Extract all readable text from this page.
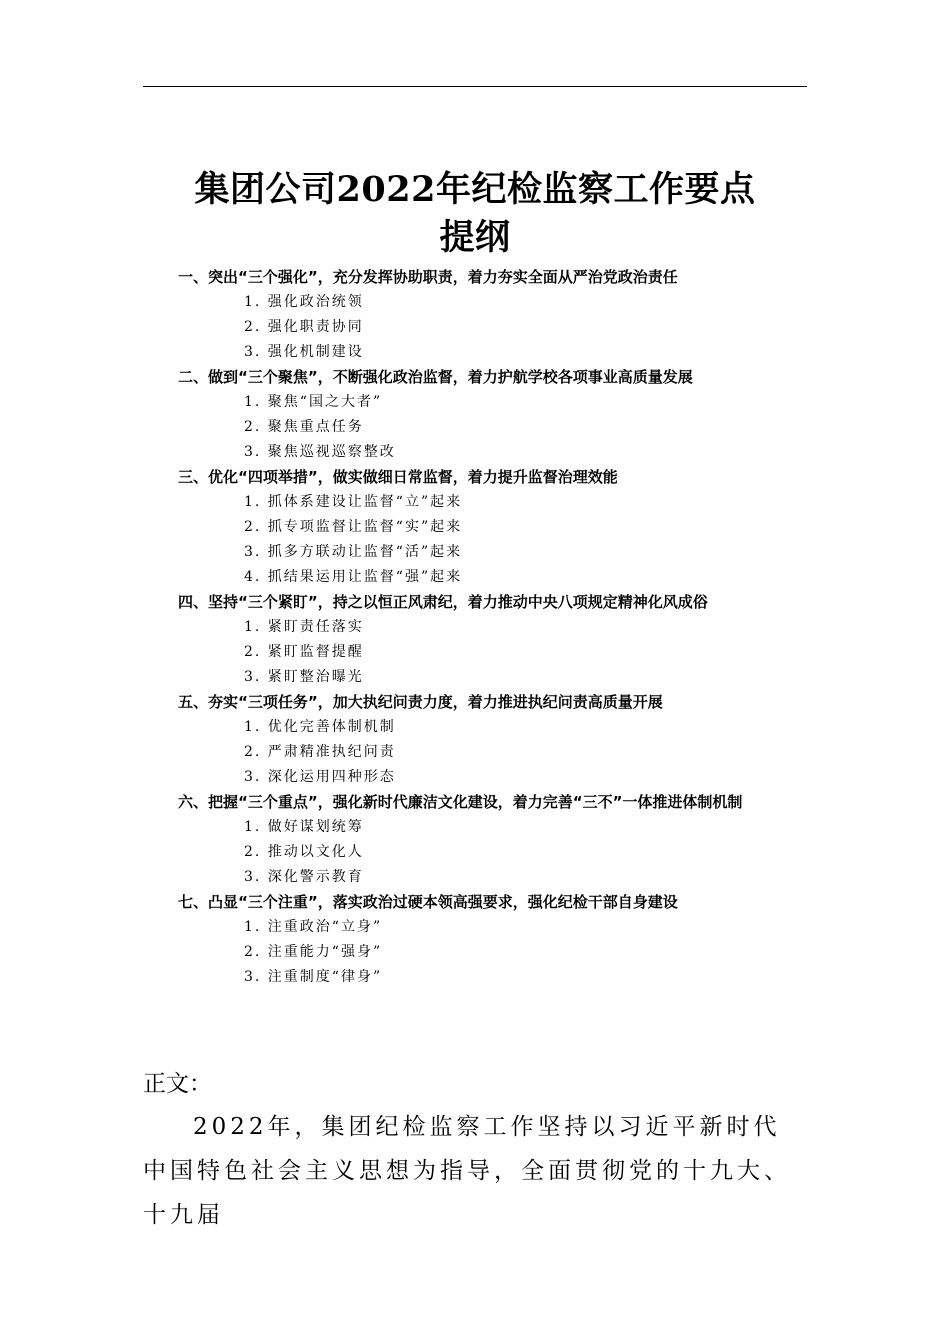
集团公司2022年纪检监察工作要点
提纲

一、突出“三个强化”，充分发挥协助职责，着力夯实全面从严治党政治责任

1. 强化政治统领

2. 强化职责协同

3. 强化机制建设

二、做到“三个聚焦”，不断强化政治监督，着力护航学校各项事业高质量发展

1. 聚焦“国之大者”

2. 聚焦重点任务

3. 聚焦巡视巡察整改

三、优化“四项举措”，做实做细日常监督，着力提升监督治理效能

1. 抓体系建设让监督“立”起来

2. 抓专项监督让监督“实”起来

3. 抓多方联动让监督“活”起来

4. 抓结果运用让监督“强”起来

四、坚持“三个紧盯”，持之以恒正风肃纪，着力推动中央八项规定精神化风成俗

1. 紧盯责任落实

2. 紧盯监督提醒

3. 紧盯整治曝光

五、夯实“三项任务”，加大执纪问责力度，着力推进执纪问责高质量开展

1. 优化完善体制机制

2. 严肃精准执纪问责

3. 深化运用四种形态

六、把握“三个重点”，强化新时代廉洁文化建设，着力完善“三不”一体推进体制机制

1. 做好谋划统筹

2. 推动以文化人

3. 深化警示教育

七、凸显“三个注重”，落实政治过硬本领高强要求，强化纪检干部自身建设

1. 注重政治“立身”

2. 注重能力“强身”

3. 注重制度“律身”

正文：

2022年，集团纪检监察工作坚持以习近平新时代中国特色社会主义思想为指导，全面贯彻党的十九大、十九届
